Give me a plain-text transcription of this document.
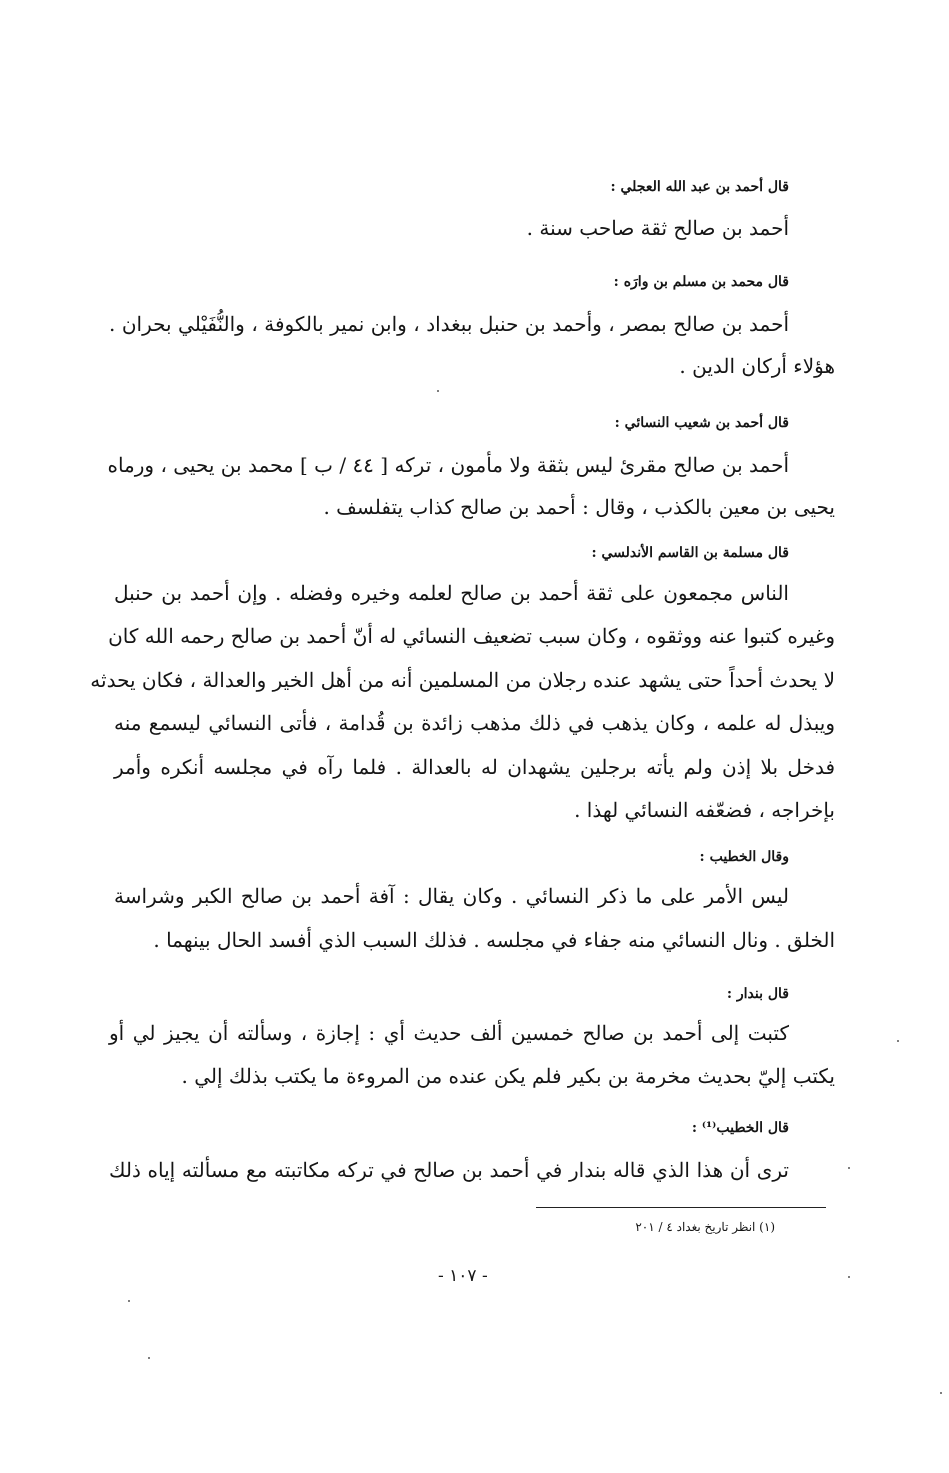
قال أحمد بن عبد الله العجلي :
أحمد بن صالح ثقة صاحب سنة .
قال محمد بن مسلم بن وارَه :
أحمد بن صالح بمصر ، وأحمد بن حنبل ببغداد ، وابن نمير بالكوفة ، والنُّفَيْلي بحران .
هؤلاء أركان الدين .
قال أحمد بن شعيب النسائي :
أحمد بن صالح مقرئ ليس بثقة ولا مأمون ، تركه [ ٤٤ / ب ] محمد بن يحيى ، ورماه
يحيى بن معين بالكذب ، وقال : أحمد بن صالح كذاب يتفلسف .
قال مسلمة بن القاسم الأندلسي :
الناس مجمعون على ثقة أحمد بن صالح لعلمه وخيره وفضله . وإن أحمد بن حنبل
وغيره كتبوا عنه ووثقوه ، وكان سبب تضعيف النسائي له أنّ أحمد بن صالح رحمه الله كان
لا يحدث أحداً حتى يشهد عنده رجلان من المسلمين أنه من أهل الخير والعدالة ، فكان يحدثه
ويبذل له علمه ، وكان يذهب في ذلك مذهب زائدة بن قُدامة ، فأتى النسائي ليسمع منه
فدخل بلا إذن ولم يأته برجلين يشهدان له بالعدالة . فلما رآه في مجلسه أنكره وأمر
بإخراجه ، فضعّفه النسائي لهذا .
وقال الخطيب :
ليس الأمر على ما ذكر النسائي . وكان يقال : آفة أحمد بن صالح الكبر وشراسة
الخلق . ونال النسائي منه جفاء في مجلسه . فذلك السبب الذي أفسد الحال بينهما .
قال بندار :
كتبت إلى أحمد بن صالح خمسين ألف حديث أي : إجازة ، وسألته أن يجيز لي أو
يكتب إليّ بحديث مخرمة بن بكير فلم يكن عنده من المروءة ما يكتب بذلك إلي .
قال الخطيب⁽¹⁾ :
ترى أن هذا الذي قاله بندار في أحمد بن صالح في تركه مكاتبته مع مسألته إياه ذلك
(١) انظر تاريخ بغداد ٤ / ٢٠١
- ١٠٧ -
